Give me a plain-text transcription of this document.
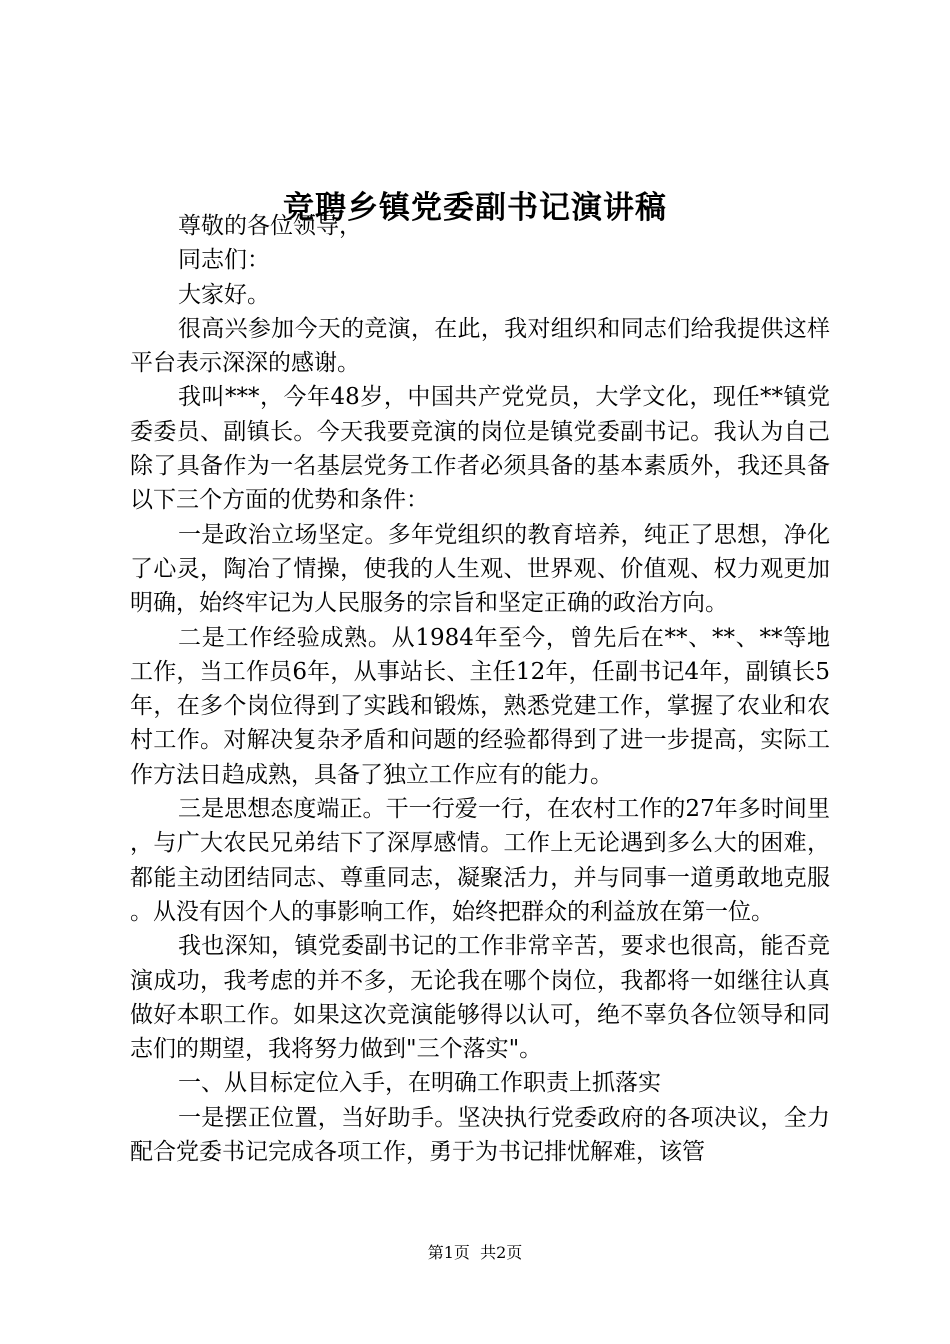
竞聘乡镇党委副书记演讲稿

尊敬的各位领导，

同志们：

大家好。

很高兴参加今天的竞演，在此，我对组织和同志们给我提供这样平台表示深深的感谢。

我叫***，今年48岁，中国共产党党员，大学文化，现任**镇党委委员、副镇长。今天我要竞演的岗位是镇党委副书记。我认为自己除了具备作为一名基层党务工作者必须具备的基本素质外，我还具备以下三个方面的优势和条件：

一是政治立场坚定。多年党组织的教育培养，纯正了思想，净化了心灵，陶冶了情操，使我的人生观、世界观、价值观、权力观更加明确，始终牢记为人民服务的宗旨和坚定正确的政治方向。

二是工作经验成熟。从1984年至今，曾先后在**、**、**等地工作，当工作员6年，从事站长、主任12年，任副书记4年，副镇长5年，在多个岗位得到了实践和锻炼，熟悉党建工作，掌握了农业和农村工作。对解决复杂矛盾和问题的经验都得到了进一步提高，实际工作方法日趋成熟，具备了独立工作应有的能力。

三是思想态度端正。干一行爱一行，在农村工作的27年多时间里，与广大农民兄弟结下了深厚感情。工作上无论遇到多么大的困难，都能主动团结同志、尊重同志，凝聚活力，并与同事一道勇敢地克服。从没有因个人的事影响工作，始终把群众的利益放在第一位。

我也深知，镇党委副书记的工作非常辛苦，要求也很高，能否竞演成功，我考虑的并不多，无论我在哪个岗位，我都将一如继往认真做好本职工作。如果这次竞演能够得以认可，绝不辜负各位领导和同志们的期望，我将努力做到"三个落实"。

一、从目标定位入手，在明确工作职责上抓落实

一是摆正位置，当好助手。坚决执行党委政府的各项决议，全力配合党委书记完成各项工作，勇于为书记排忧解难，该管

第1页 共2页
